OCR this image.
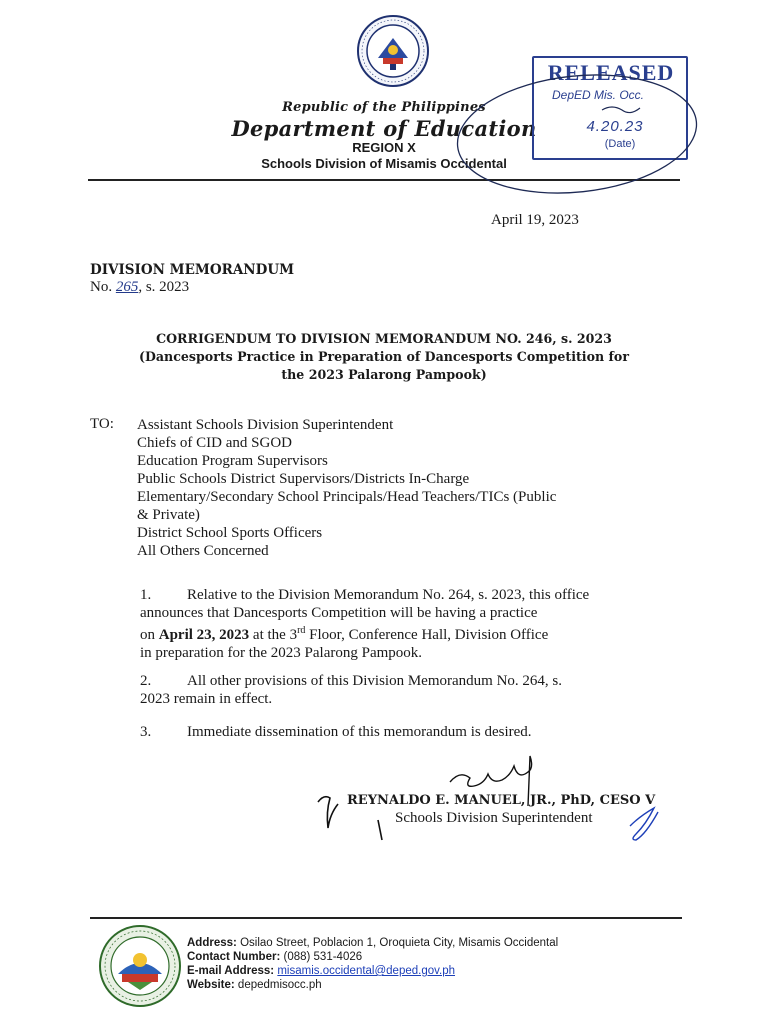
Republic of the Philippines
Department of Education
REGION X
Schools Division of Misamis Occidental
RELEASED
DepED Mis. Occ.
4.20.23
(Date)
April 19, 2023
DIVISION MEMORANDUM
No. 265, s. 2023
CORRIGENDUM TO DIVISION MEMORANDUM NO. 246, s. 2023
(Dancesports Practice in Preparation of Dancesports Competition for
the 2023 Palarong Pampook)
TO: Assistant Schools Division Superintendent
Chiefs of CID and SGOD
Education Program Supervisors
Public Schools District Supervisors/Districts In-Charge
Elementary/Secondary School Principals/Head Teachers/TICs (Public
& Private)
District School Sports Officers
All Others Concerned
1. Relative to the Division Memorandum No. 264, s. 2023, this office
announces that Dancesports Competition will be having a practice
on April 23, 2023 at the 3rd Floor, Conference Hall, Division Office
in preparation for the 2023 Palarong Pampook.
2. All other provisions of this Division Memorandum No. 264, s.
2023 remain in effect.
3. Immediate dissemination of this memorandum is desired.
REYNALDO E. MANUEL, JR., PhD, CESO V
Schools Division Superintendent
Address: Osilao Street, Poblacion 1, Oroquieta City, Misamis Occidental
Contact Number: (088) 531-4026
E-mail Address: misamis.occidental@deped.gov.ph
Website: depedmisocc.ph
